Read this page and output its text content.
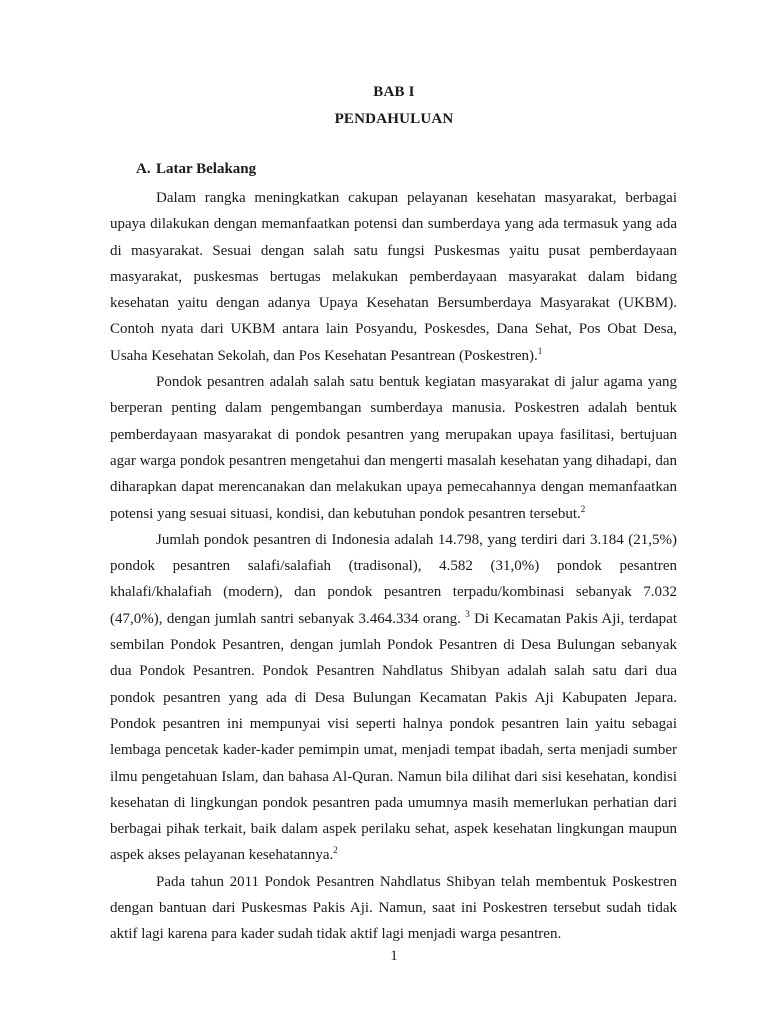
BAB I
PENDAHULUAN
A. Latar Belakang

Dalam rangka meningkatkan cakupan pelayanan kesehatan masyarakat, berbagai upaya dilakukan dengan memanfaatkan potensi dan sumberdaya yang ada termasuk yang ada di masyarakat. Sesuai dengan salah satu fungsi Puskesmas yaitu pusat pemberdayaan masyarakat, puskesmas bertugas melakukan pemberdayaan masyarakat dalam bidang kesehatan yaitu dengan adanya Upaya Kesehatan Bersumberdaya Masyarakat (UKBM). Contoh nyata dari UKBM antara lain Posyandu, Poskesdes, Dana Sehat, Pos Obat Desa, Usaha Kesehatan Sekolah, dan Pos Kesehatan Pesantrean (Poskestren).$^1$

Pondok pesantren adalah salah satu bentuk kegiatan masyarakat di jalur agama yang berperan penting dalam pengembangan sumberdaya manusia. Poskestren adalah bentuk pemberdayaan masyarakat di pondok pesantren yang merupakan upaya fasilitasi, bertujuan agar warga pondok pesantren mengetahui dan mengerti masalah kesehatan yang dihadapi, dan diharapkan dapat merencanakan dan melakukan upaya pemecahannya dengan memanfaatkan potensi yang sesuai situasi, kondisi, dan kebutuhan pondok pesantren tersebut.$^2$

Jumlah pondok pesantren di Indonesia adalah 14.798, yang terdiri dari 3.184 (21,5%) pondok pesantren salafi/salafiah (tradisonal), 4.582 (31,0%) pondok pesantren khalafi/khalafiah (modern), dan pondok pesantren terpadu/kombinasi sebanyak 7.032 (47,0%), dengan jumlah santri sebanyak 3.464.334 orang. $^3$ Di Kecamatan Pakis Aji, terdapat sembilan Pondok Pesantren, dengan jumlah Pondok Pesantren di Desa Bulungan sebanyak dua Pondok Pesantren. Pondok Pesantren Nahdlatus Shibyan adalah salah satu dari dua pondok pesantren yang ada di Desa Bulungan Kecamatan Pakis Aji Kabupaten Jepara. Pondok pesantren ini mempunyai visi seperti halnya pondok pesantren lain yaitu sebagai lembaga pencetak kader-kader pemimpin umat, menjadi tempat ibadah, serta menjadi sumber ilmu pengetahuan Islam, dan bahasa Al-Quran. Namun bila dilihat dari sisi kesehatan, kondisi kesehatan di lingkungan pondok pesantren pada umumnya masih memerlukan perhatian dari berbagai pihak terkait, baik dalam aspek perilaku sehat, aspek kesehatan lingkungan maupun aspek akses pelayanan kesehatannya.$^2$

Pada tahun 2011 Pondok Pesantren Nahdlatus Shibyan telah membentuk Poskestren dengan bantuan dari Puskesmas Pakis Aji. Namun, saat ini Poskestren tersebut sudah tidak aktif lagi karena para kader sudah tidak aktif lagi menjadi warga pesantren.

1
